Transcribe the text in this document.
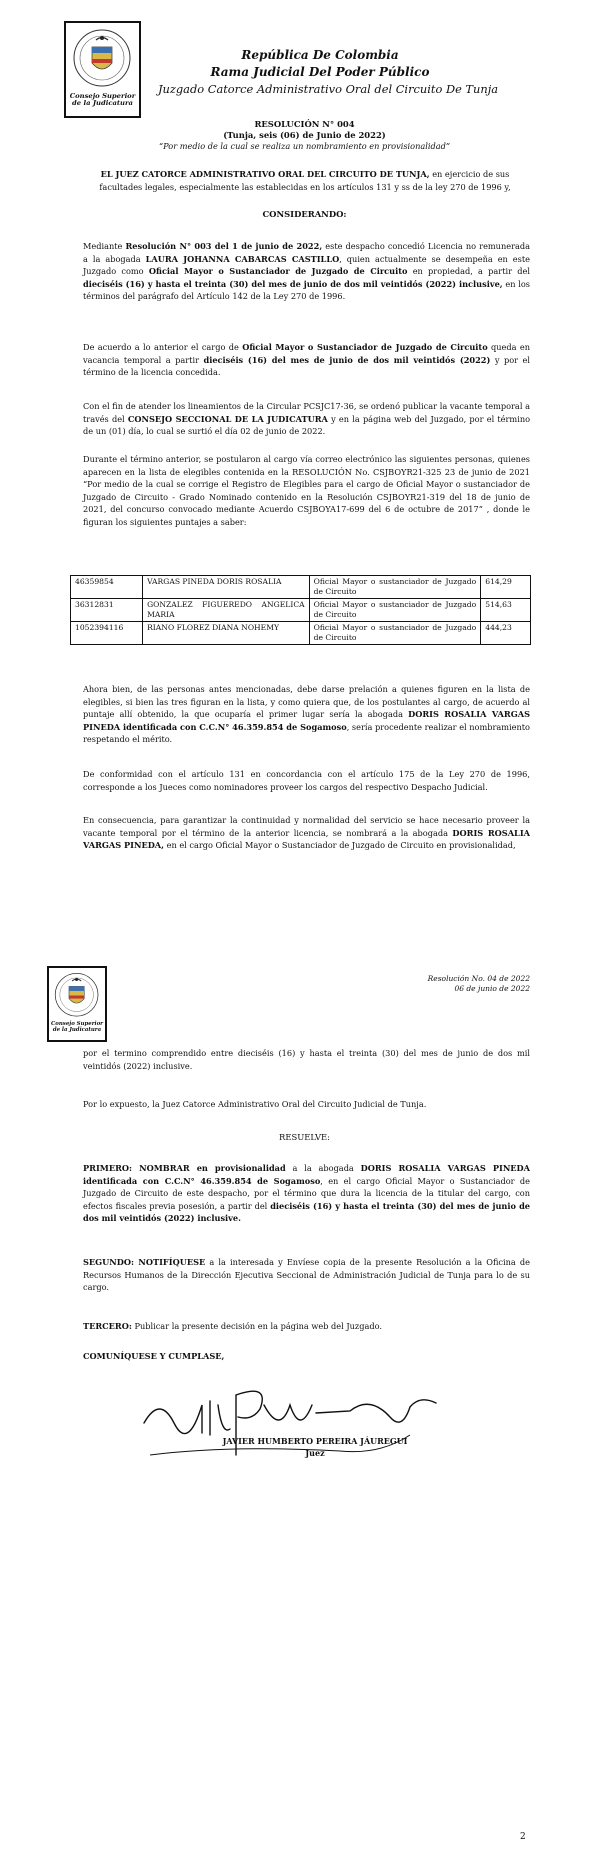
Consejo Superior
de la Judicatura
República De Colombia
Rama Judicial Del Poder Público
Juzgado Catorce Administrativo Oral del Circuito De Tunja
RESOLUCIÓN N° 004
(Tunja, seis (06) de Junio de 2022)
“Por medio de la cual se realiza un nombramiento en provisionalidad”
EL JUEZ CATORCE ADMINISTRATIVO ORAL DEL CIRCUITO DE TUNJA, en ejercicio de sus facultades legales, especialmente las establecidas en los artículos 131 y ss de la ley 270 de 1996 y,
CONSIDERANDO:
Mediante Resolución N° 003 del 1 de junio de 2022, este despacho concedió Licencia no remunerada a la abogada LAURA JOHANNA CABARCAS CASTILLO, quien actualmente se desempeña en este Juzgado como Oficial Mayor o Sustanciador de Juzgado de Circuito en propiedad, a partir del dieciséis (16) y hasta el treinta (30) del mes de junio de dos mil veintidós (2022) inclusive, en los términos del parágrafo del Artículo 142 de la Ley 270 de 1996.
De acuerdo a lo anterior el cargo de Oficial Mayor o Sustanciador de Juzgado de Circuito queda en vacancia temporal a partir dieciséis (16) del mes de junio de dos mil veintidós (2022) y por el término de la licencia concedida.
Con el fin de atender los lineamientos de la Circular PCSJC17-36, se ordenó publicar la vacante temporal a través del CONSEJO SECCIONAL DE LA JUDICATURA y en la página web del Juzgado, por el término de un (01) día, lo cual se surtió el día 02 de junio de 2022.
Durante el término anterior, se postularon al cargo vía correo electrónico las siguientes personas, quienes aparecen en la lista de elegibles contenida en la RESOLUCIÓN No. CSJBOYR21-325 23 de junio de 2021 “Por medio de la cual se corrige el Registro de Elegibles para el cargo de Oficial Mayor o sustanciador de Juzgado de Circuito - Grado Nominado contenido en la Resolución CSJBOYR21-319 del 18 de junio de 2021, del concurso convocado mediante Acuerdo CSJBOYA17-699 del 6 de octubre de 2017” , donde le figuran los siguientes puntajes a saber:
46359854	VARGAS PINEDA DORIS ROSALIA	Oficial Mayor o sustanciador de Juzgado de Circuito	614,29
36312831	GONZALEZ FIGUEREDO ANGELICA MARIA	Oficial Mayor o sustanciador de Juzgado de Circuito	514,63
1052394116	RIANO FLOREZ DIANA NOHEMY	Oficial Mayor o sustanciador de Juzgado de Circuito	444,23
Ahora bien, de las personas antes mencionadas, debe darse prelación a quienes figuren en la lista de elegibles, si bien las tres figuran en la lista, y como quiera que, de los postulantes al cargo, de acuerdo al puntaje allí obtenido, la que ocuparía el primer lugar sería la abogada DORIS ROSALIA VARGAS PINEDA identificada con C.C.N° 46.359.854 de Sogamoso, sería procedente realizar el nombramiento respetando el mérito.
De conformidad con el artículo 131 en concordancia con el artículo 175 de la Ley 270 de 1996, corresponde a los Jueces como nominadores proveer los cargos del respectivo Despacho Judicial.
En consecuencia, para garantizar la continuidad y normalidad del servicio se hace necesario proveer la vacante temporal por el término de la anterior licencia, se nombrará a la abogada DORIS ROSALIA VARGAS PINEDA, en el cargo Oficial Mayor o Sustanciador de Juzgado de Circuito en provisionalidad,
Consejo Superior
de la Judicatura
Resolución No. 04 de 2022
06 de junio de 2022
por el termino comprendido entre dieciséis (16) y hasta el treinta (30) del mes de junio de dos mil veintidós (2022) inclusive.
Por lo expuesto, la Juez Catorce Administrativo Oral del Circuito Judicial de Tunja.
RESUELVE:
PRIMERO: NOMBRAR en provisionalidad a la abogada DORIS ROSALIA VARGAS PINEDA identificada con C.C.N° 46.359.854 de Sogamoso, en el cargo Oficial Mayor o Sustanciador de Juzgado de Circuito de este despacho, por el término que dura la licencia de la titular del cargo, con efectos fiscales previa posesión, a partir del dieciséis (16) y hasta el treinta (30) del mes de junio de dos mil veintidós (2022) inclusive.
SEGUNDO: NOTIFÍQUESE a la interesada y Envíese copia de la presente Resolución a la Oficina de Recursos Humanos de la Dirección Ejecutiva Seccional de Administración Judicial de Tunja para lo de su cargo.
TERCERO: Publicar la presente decisión en la página web del Juzgado.
COMUNÍQUESE Y CUMPLASE,
JAVIER HUMBERTO PEREIRA JÁUREGUI
Juez
2
